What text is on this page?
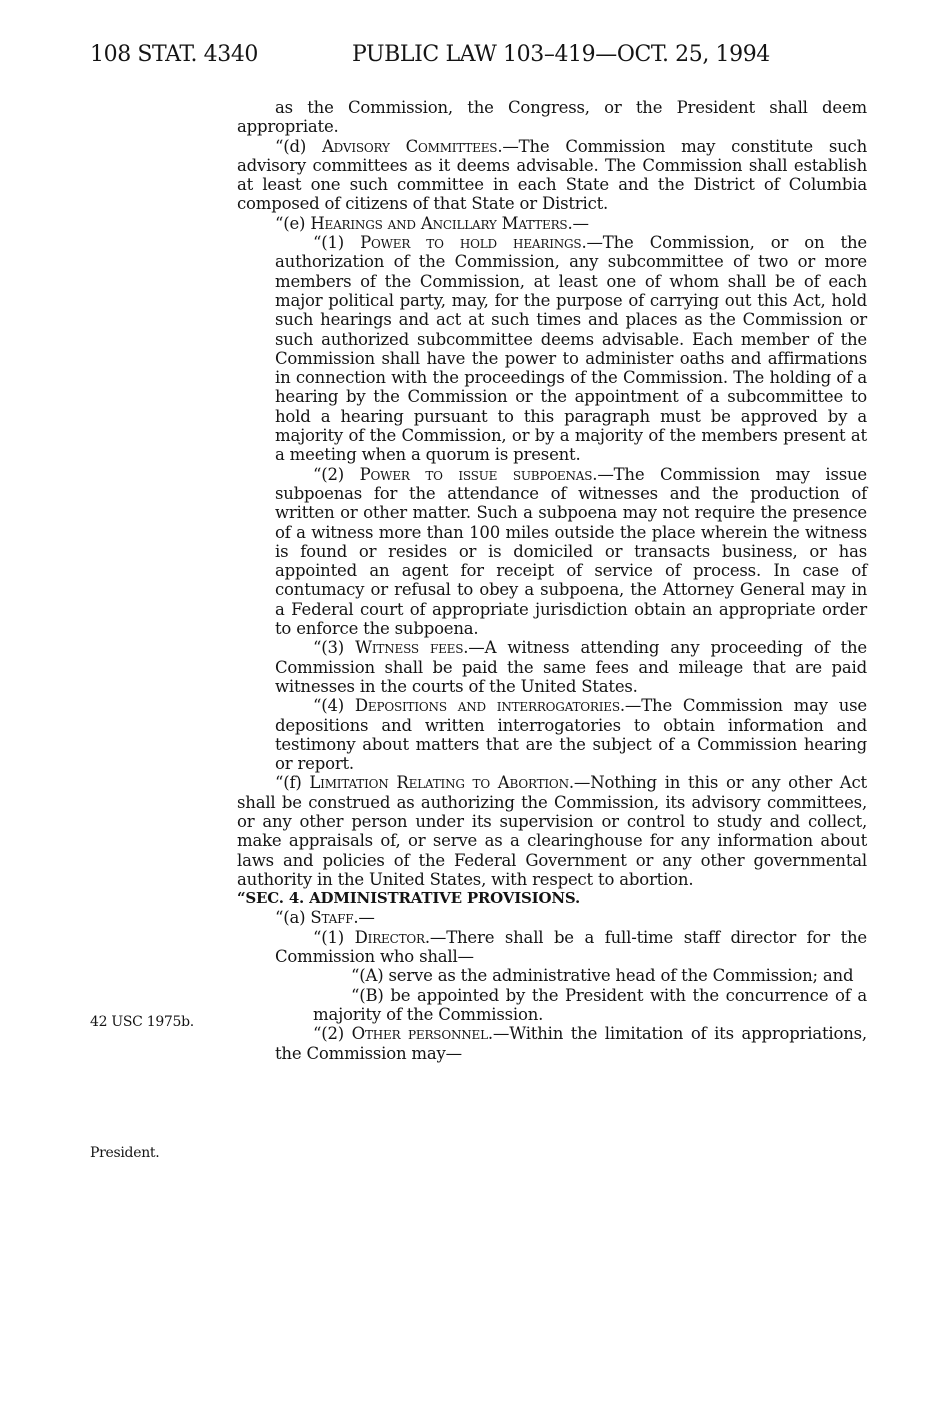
108 STAT. 4340	PUBLIC LAW 103–419—OCT. 25, 1994
42 USC 1975b.
President.

as the Commission, the Congress, or the President shall deem appropriate.

“(d) Advisory Committees.—The Commission may constitute such advisory committees as it deems advisable. The Commission shall establish at least one such committee in each State and the District of Columbia composed of citizens of that State or District.

“(e) Hearings and Ancillary Matters.—

“(1) Power to hold hearings.—The Commission, or on the authorization of the Commission, any subcommittee of two or more members of the Commission, at least one of whom shall be of each major political party, may, for the purpose of carrying out this Act, hold such hearings and act at such times and places as the Commission or such authorized subcommittee deems advisable. Each member of the Commission shall have the power to administer oaths and affirmations in connection with the proceedings of the Commission. The holding of a hearing by the Commission or the appointment of a subcommittee to hold a hearing pursuant to this paragraph must be approved by a majority of the Commission, or by a majority of the members present at a meeting when a quorum is present.

“(2) Power to issue subpoenas.—The Commission may issue subpoenas for the attendance of witnesses and the production of written or other matter. Such a subpoena may not require the presence of a witness more than 100 miles outside the place wherein the witness is found or resides or is domiciled or transacts business, or has appointed an agent for receipt of service of process. In case of contumacy or refusal to obey a subpoena, the Attorney General may in a Federal court of appropriate jurisdiction obtain an appropriate order to enforce the subpoena.

“(3) Witness fees.—A witness attending any proceeding of the Commission shall be paid the same fees and mileage that are paid witnesses in the courts of the United States.

“(4) Depositions and interrogatories.—The Commission may use depositions and written interrogatories to obtain information and testimony about matters that are the subject of a Commission hearing or report.

“(f) Limitation Relating to Abortion.—Nothing in this or any other Act shall be construed as authorizing the Commission, its advisory committees, or any other person under its supervision or control to study and collect, make appraisals of, or serve as a clearinghouse for any information about laws and policies of the Federal Government or any other governmental authority in the United States, with respect to abortion.

“SEC. 4. ADMINISTRATIVE PROVISIONS.

“(a) Staff.—

“(1) Director.—There shall be a full-time staff director for the Commission who shall—

“(A) serve as the administrative head of the Commission; and

“(B) be appointed by the President with the concurrence of a majority of the Commission.

“(2) Other personnel.—Within the limitation of its appropriations, the Commission may—
